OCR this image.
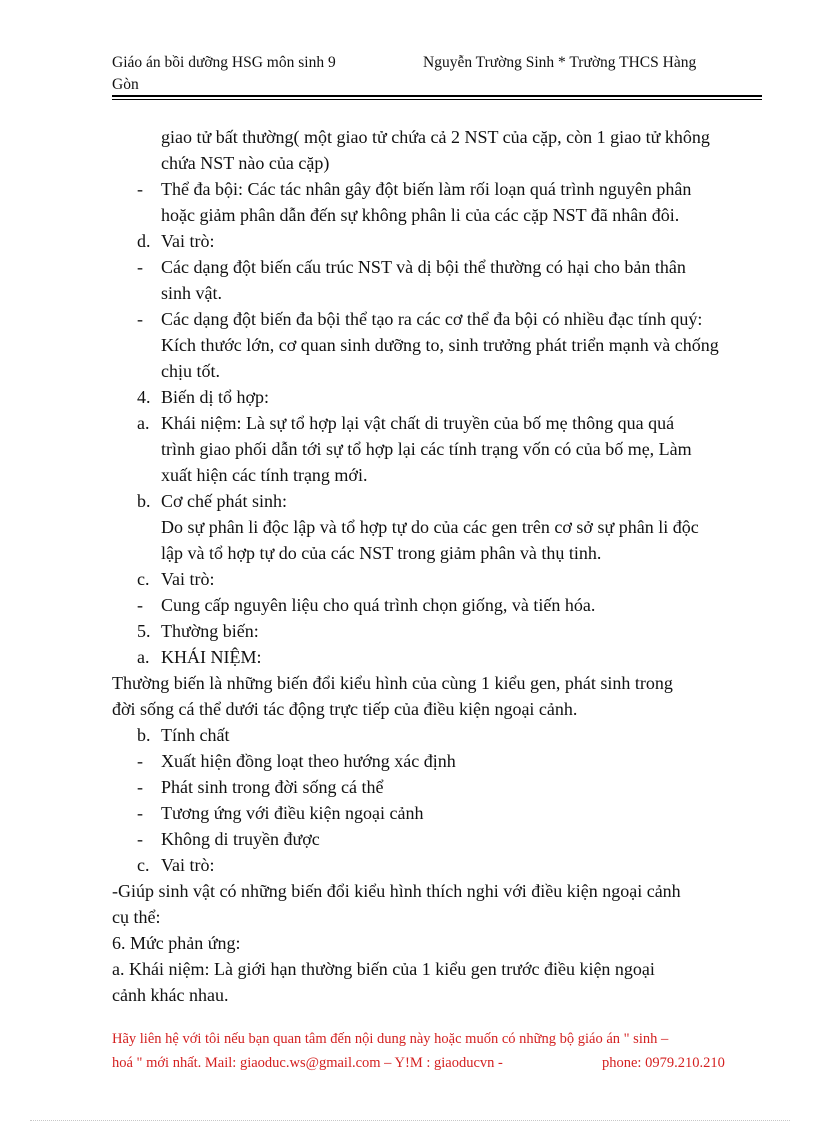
Giáo án bồi dưỡng HSG môn sinh 9	Nguyễn Trường Sinh * Trường THCS Hàng
Gòn
giao tử bất thường( một giao tử chứa cả 2 NST của cặp, còn 1 giao tử không
chứa NST nào của cặp)
-	Thể đa bội: Các tác nhân gây đột biến làm rối loạn quá trình nguyên phân
hoặc giảm phân dẫn đến sự không phân li của các cặp NST đã nhân đôi.
d. Vai trò:
-	Các dạng đột biến cấu trúc NST và dị bội thể thường có hại cho bản thân
sinh vật.
-	Các dạng đột biến đa bội thể tạo ra các cơ thể đa bội có nhiều đạc tính quý:
Kích thước lớn, cơ quan sinh dưỡng to, sinh trưởng phát triển mạnh và chống
chịu tốt.
4. Biến dị tổ hợp:
a. Khái niệm: Là sự tổ hợp lại vật chất di truyền của bố mẹ thông qua quá
trình giao phối dẫn tới sự tổ hợp lại các tính trạng vốn có của bố mẹ, Làm
xuất hiện các tính trạng mới.
b. Cơ chế phát sinh:
Do sự phân li độc lập và tổ hợp tự do của các gen trên cơ sở sự phân li độc
lập và tổ hợp tự do của các NST trong giảm phân và thụ tinh.
c. Vai trò:
-	Cung cấp nguyên liệu cho quá trình chọn giống, và tiến hóa.
5. Thường biến:
a. KHÁI NIỆM:
Thường biến là những biến đổi kiểu hình của cùng 1 kiểu gen, phát sinh trong
đời sống cá thể dưới tác động trực tiếp của điều kiện ngoại cảnh.
b. Tính chất
-	Xuất hiện đồng loạt theo hướng xác định
-	Phát sinh trong đời sống cá thể
-	Tương ứng với điều kiện ngoại cảnh
-	Không di truyền được
c. Vai trò:
-Giúp sinh vật có những biến đổi kiểu hình thích nghi với điều kiện ngoại cảnh
cụ thể:
6. Mức phản ứng:
a. Khái niệm: Là giới hạn thường biến của 1 kiểu gen trước điều kiện ngoại
cảnh khác nhau.
Hãy liên hệ với tôi nếu bạn quan tâm đến nội dung này hoặc muốn có những bộ giáo án " sinh –
hoá " mới nhất. Mail: giaoduc.ws@gmail.com – Y!M : giaoducvn -	phone: 0979.210.210
